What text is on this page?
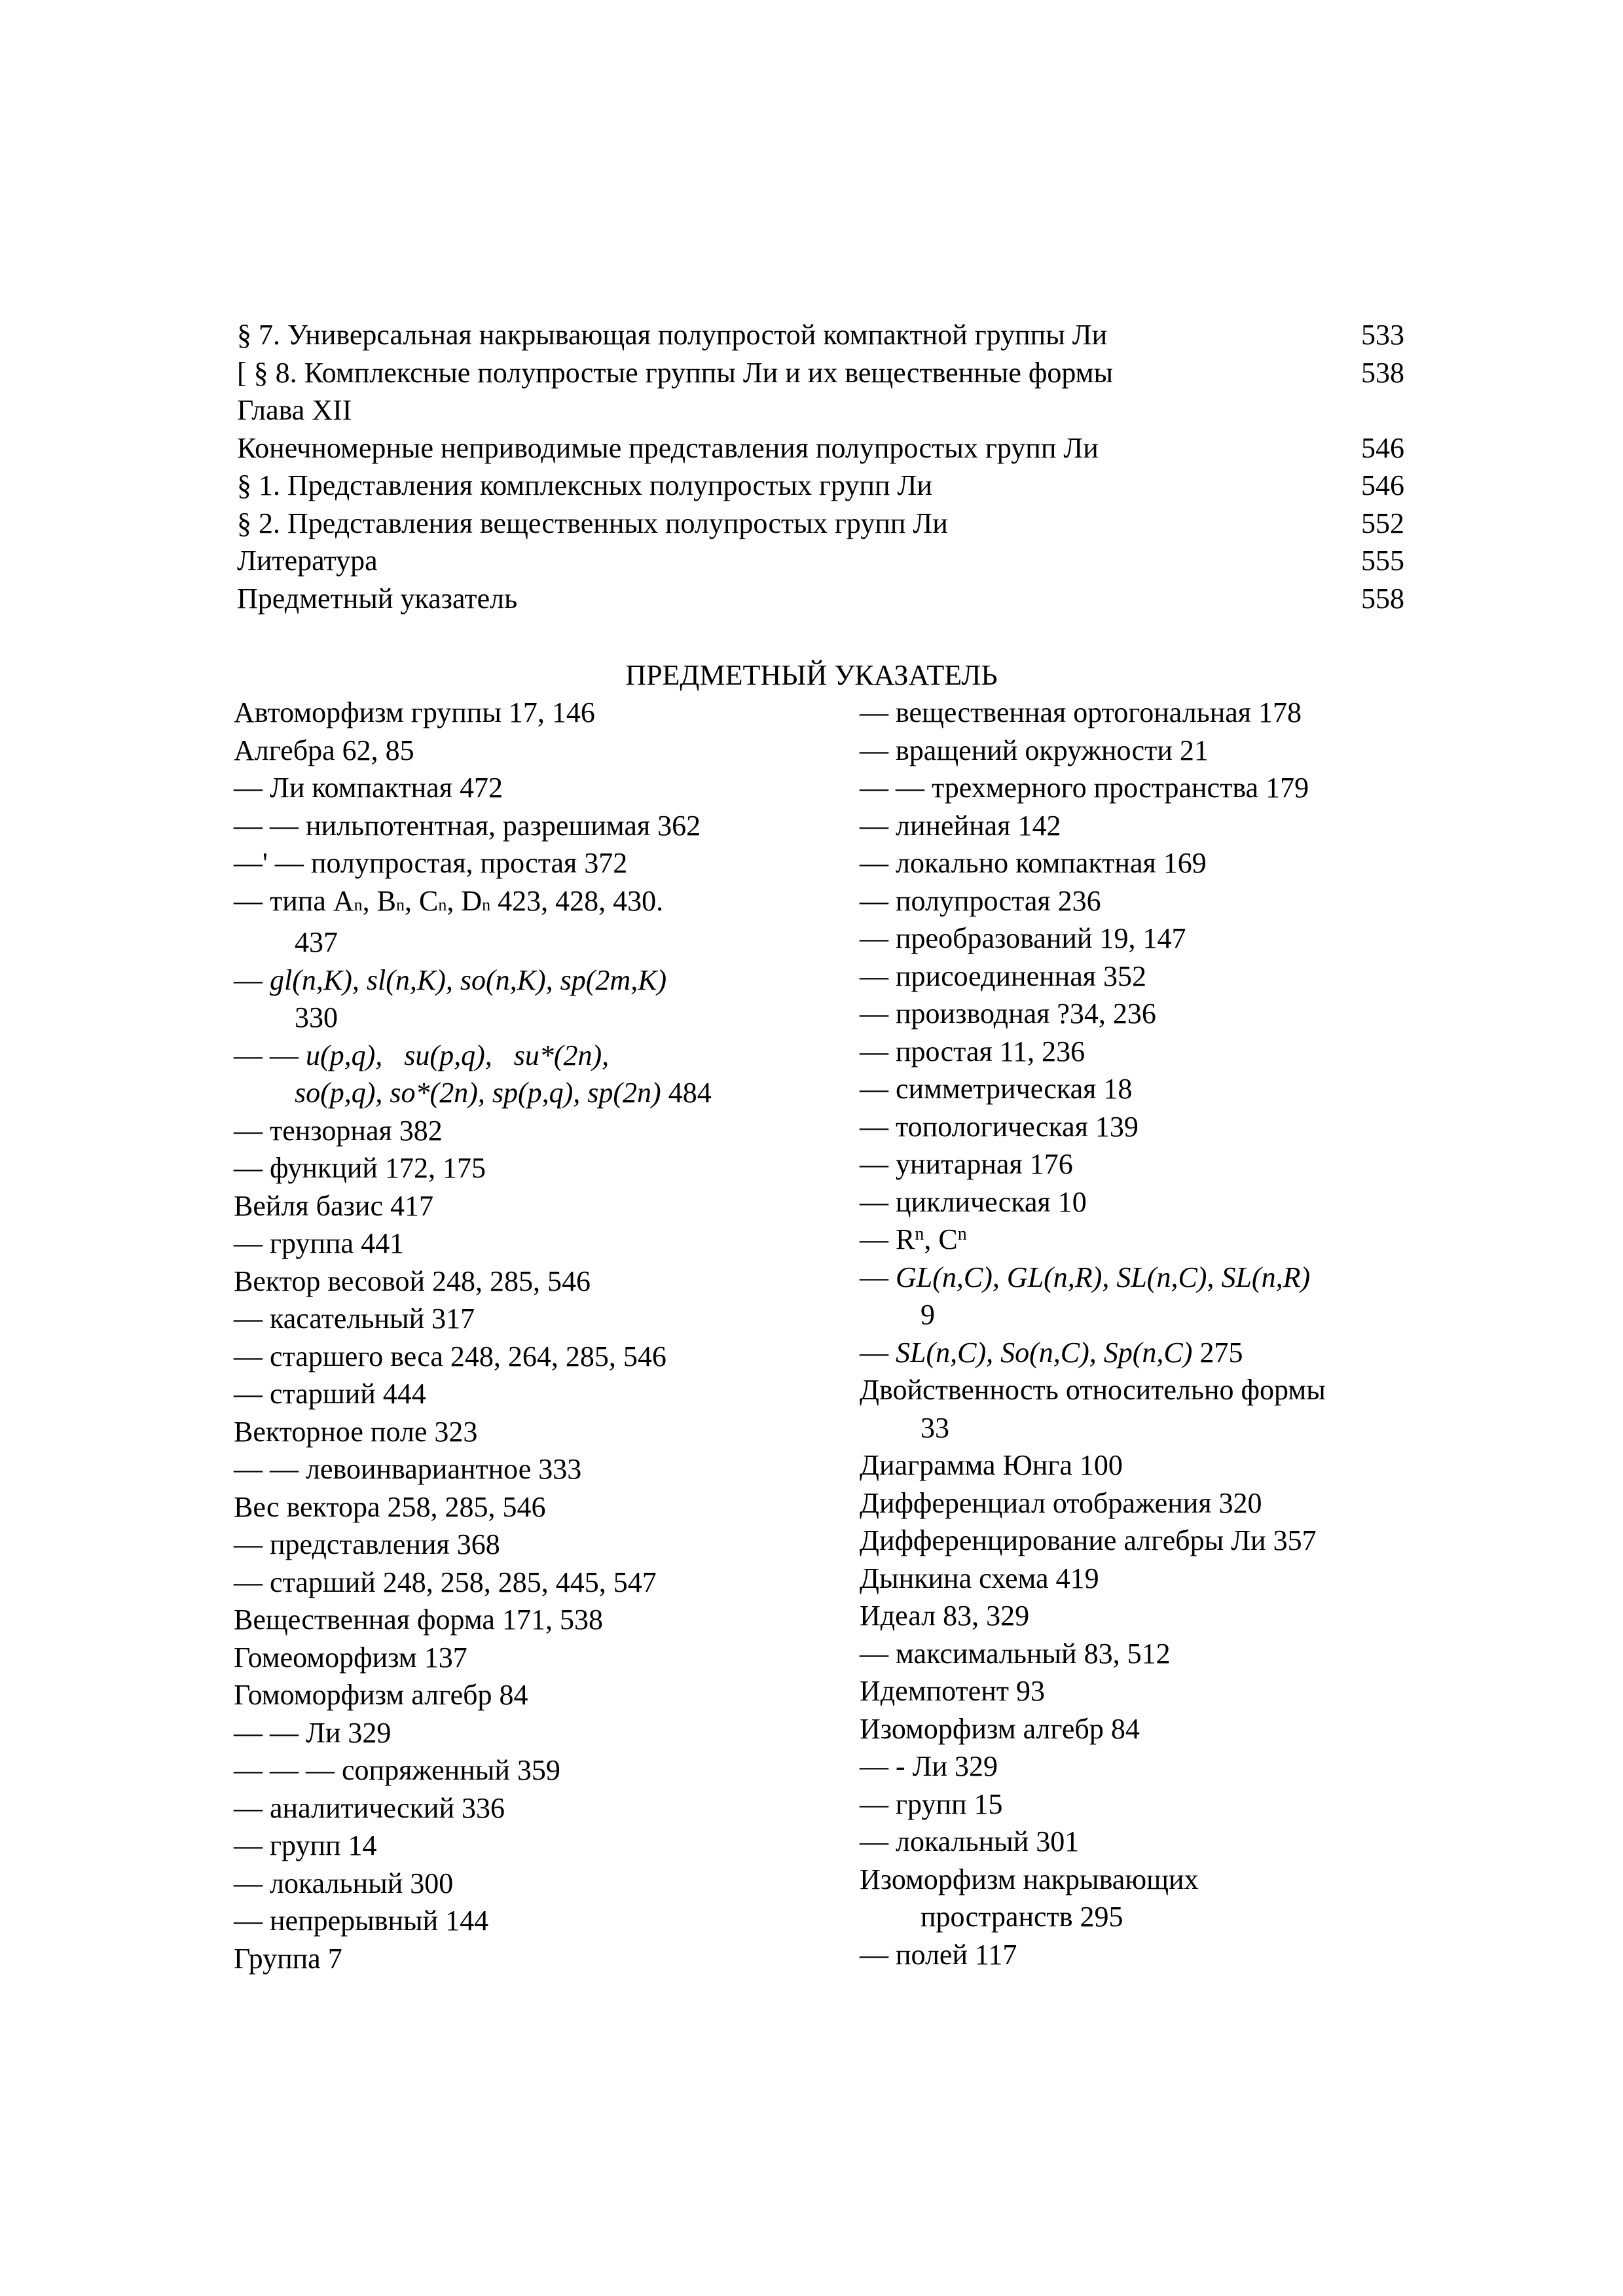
§ 7. Универсальная накрывающая полупростой компактной группы Ли	533
[ § 8. Комплексные полупростые группы Ли и их вещественные формы	538
Глава XII
Конечномерные неприводимые представления полупростых групп Ли	546
§ 1. Представления комплексных полупростых групп Ли	546
§ 2. Представления вещественных полупростых групп Ли	552
Литература	555
Предметный указатель	558
ПРЕДМЕТНЫЙ УКАЗАТЕЛЬ
Автоморфизм группы 17, 146
Алгебра 62, 85
— Ли компактная 472
— — нильпотентная, разрешимая 362
—' — полупростая, простая 372
— типа An, Bn, Cn, Dn 423, 428, 430.
437
— gl(n,K), sl(n,K), so(n,K), sp(2m,K)
330
— — u(p,q),   su(p,q),   su*(2n),
so(p,q), so*(2n), sp(p,q), sp(2n) 484
— тензорная 382
— функций 172, 175
Вейля базис 417
— группа 441
Вектор весовой 248, 285, 546
— касательный 317
— старшего веса 248, 264, 285, 546
— старший 444
Векторное поле 323
— — левоинвариантное 333
Вес вектора 258, 285, 546
— представления 368
— старший 248, 258, 285, 445, 547
Вещественная форма 171, 538
Гомеоморфизм 137
Гомоморфизм алгебр 84
— — Ли 329
— — — сопряженный 359
— аналитический 336
— групп 14
— локальный 300
— непрерывный 144
Группа 7
— вещественная ортогональная 178
— вращений окружности 21
— — трехмерного пространства 179
— линейная 142
— локально компактная 169
— полупростая 236
— преобразований 19, 147
— присоединенная 352
— производная ?34, 236
— простая 11, 236
— симметрическая 18
— топологическая 139
— унитарная 176
— циклическая 10
— $R^n$, $C^n$
— GL(n,C), GL(n,R), SL(n,C), SL(n,R)
9
— SL(n,C), So(n,C), Sp(n,C) 275
Двойственность относительно формы
33
Диаграмма Юнга 100
Дифференциал отображения 320
Дифференцирование алгебры Ли 357
Дынкина схема 419
Идеал 83, 329
— максимальный 83, 512
Идемпотент 93
Изоморфизм алгебр 84
— - Ли 329
— групп 15
— локальный 301
Изоморфизм накрывающих
пространств 295
— полей 117
